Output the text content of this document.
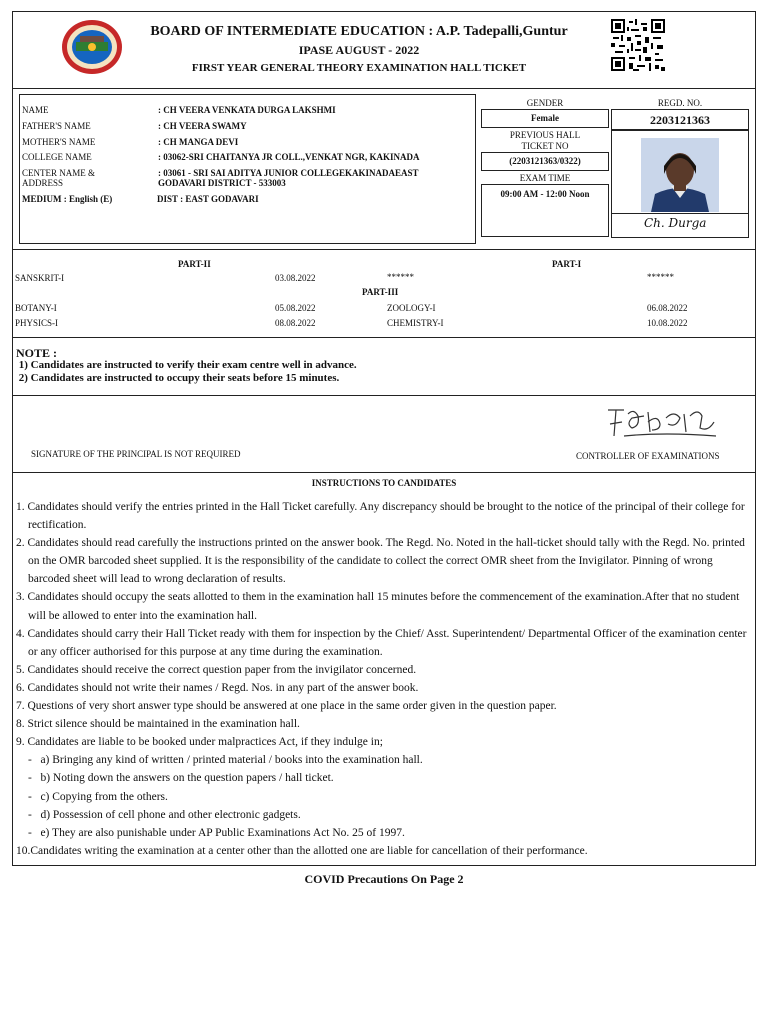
BOARD OF INTERMEDIATE EDUCATION : A.P. Tadepalli,Guntur
IPASE AUGUST - 2022
FIRST YEAR GENERAL THEORY EXAMINATION HALL TICKET
NAME	: CH VEERA VENKATA DURGA LAKSHMI
FATHER'S NAME	: CH VEERA SWAMY
MOTHER'S NAME	: CH MANGA DEVI
COLLEGE NAME	: 03062-SRI CHAITANYA JR COLL.,VENKAT NGR, KAKINADA
CENTER NAME &
ADDRESS
: 03061 - SRI SAI ADITYA JUNIOR COLLEGEKAKINADAEAST
GODAVARI DISTRICT - 533003
MEDIUM : English (E)	DIST : EAST GODAVARI
GENDER
Female
REGD. NO.
2203121363
PREVIOUS HALL
TICKET NO
(2203121363/0322)
EXAM TIME
09:00 AM - 12:00 Noon
Ch. Durga
PART-II	PART-I
SANSKRIT-I	03.08.2022	******	******
PART-III
BOTANY-I	05.08.2022	ZOOLOGY-I	06.08.2022
PHYSICS-I	08.08.2022	CHEMISTRY-I	10.08.2022
NOTE :
1) Candidates are instructed to verify their exam centre well in advance.
2) Candidates are instructed to occupy their seats before 15 minutes.
SIGNATURE OF THE PRINCIPAL IS NOT REQUIRED	CONTROLLER OF EXAMINATIONS
INSTRUCTIONS TO CANDIDATES
1. Candidates should verify the entries printed in the Hall Ticket carefully. Any discrepancy should be brought to the notice of the principal of their college for rectification.
2. Candidates should read carefully the instructions printed on the answer book. The Regd. No. Noted in the hall-ticket should tally with the Regd. No. printed on the OMR barcoded sheet supplied. It is the responsibility of the candidate to collect the correct OMR sheet from the Invigilator. Pinning of wrong barcoded sheet will lead to wrong declaration of results.
3. Candidates should occupy the seats allotted to them in the examination hall 15 minutes before the commencement of the examination.After that no student will be allowed to enter into the examination hall.
4. Candidates should carry their Hall Ticket ready with them for inspection by the Chief/ Asst. Superintendent/ Departmental Officer of the examination center or any officer authorised for this purpose at any time during the examination.
5. Candidates should receive the correct question paper from the invigilator concerned.
6. Candidates should not write their names / Regd. Nos. in any part of the answer book.
7. Questions of very short answer type should be answered at one place in the same order given in the question paper.
8. Strict silence should be maintained in the examination hall.
9. Candidates are liable to be booked under malpractices Act, if they indulge in;
-   a) Bringing any kind of written / printed material / books into the examination hall.
-   b) Noting down the answers on the question papers / hall ticket.
-   c) Copying from the others.
-   d) Possession of cell phone and other electronic gadgets.
-   e) They are also punishable under AP Public Examinations Act No. 25 of 1997.
10.Candidates writing the examination at a center other than the allotted one are liable for cancellation of their performance.
COVID Precautions On Page 2
